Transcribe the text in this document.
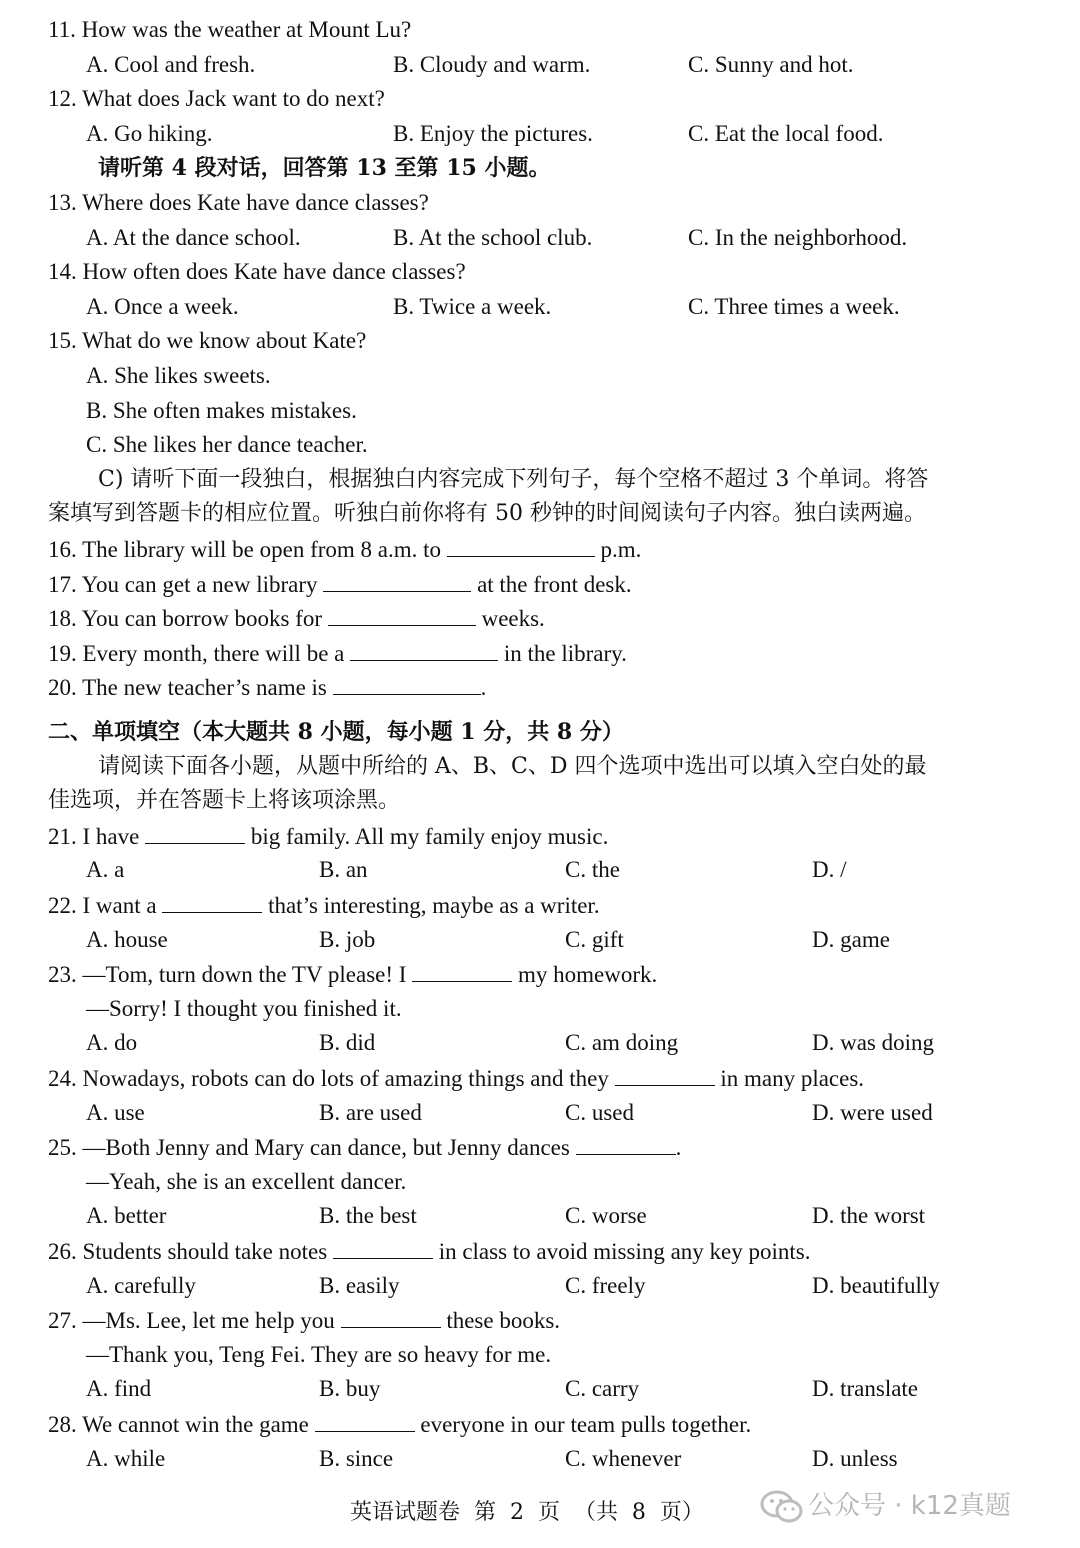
11. How was the weather at Mount Lu?
A. Cool and fresh.	B. Cloudy and warm.	C. Sunny and hot.
12. What does Jack want to do next?
A. Go hiking.	B. Enjoy the pictures.	C. Eat the local food.
请听第 4 段对话，回答第 13 至第 15 小题。
13. Where does Kate have dance classes?
A. At the dance school.	B. At the school club.	C. In the neighborhood.
14. How often does Kate have dance classes?
A. Once a week.	B. Twice a week.	C. Three times a week.
15. What do we know about Kate?
A. She likes sweets.
B. She often makes mistakes.
C. She likes her dance teacher.
C) 请听下面一段独白，根据独白内容完成下列句子，每个空格不超过 3 个单词。将答
案填写到答题卡的相应位置。听独白前你将有 50 秒钟的时间阅读句子内容。独白读两遍。
16. The library will be open from 8 a.m. to	p.m.
17. You can get a new library	at the front desk.
18. You can borrow books for	weeks.
19. Every month, there will be a	in the library.
20. The new teacher’s name is	.
二、单项填空（本大题共 8 小题，每小题 1 分，共 8 分）
请阅读下面各小题，从题中所给的 A、B、C、D 四个选项中选出可以填入空白处的最
佳选项，并在答题卡上将该项涂黑。
21. I have	big family. All my family enjoy music.
A. a	B. an	C. the	D. /
22. I want a	that’s interesting, maybe as a writer.
A. house	B. job	C. gift	D. game
23. —Tom, turn down the TV please! I	my homework.
—Sorry! I thought you finished it.
A. do	B. did	C. am doing	D. was doing
24. Nowadays, robots can do lots of amazing things and they	in many places.
A. use	B. are used	C. used	D. were used
25. —Both Jenny and Mary can dance, but Jenny dances	.
—Yeah, she is an excellent dancer.
A. better	B. the best	C. worse	D. the worst
26. Students should take notes	in class to avoid missing any key points.
A. carefully	B. easily	C. freely	D. beautifully
27. —Ms. Lee, let me help you	these books.
—Thank you, Teng Fei. They are so heavy for me.
A. find	B. buy	C. carry	D. translate
28. We cannot win the game	everyone in our team pulls together.
A. while	B. since	C. whenever	D. unless
公众号 · k12真题
英语试题卷  第  2  页  （共  8  页）
